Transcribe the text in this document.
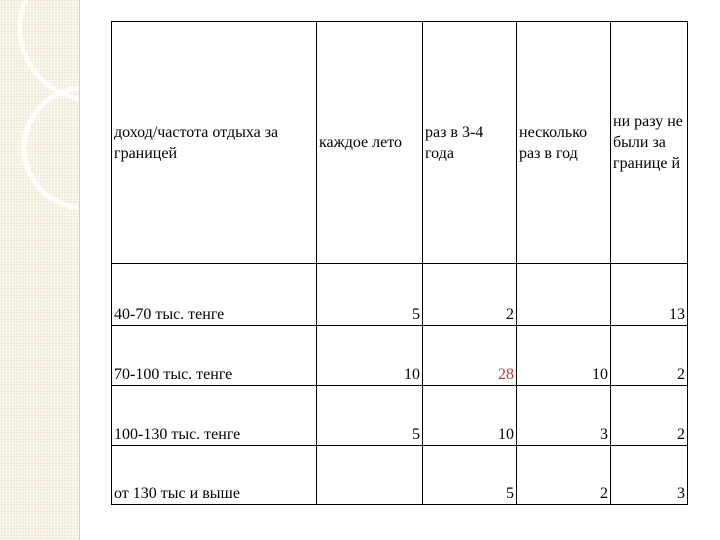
доход/частота отдыха за границей	каждое лето	раз в 3-4 года	несколько раз в год	ни разу не были за границе й
40-70 тыс. тенге	5	2		13
70-100 тыс. тенге	10	28	10	2
100-130 тыс. тенге	5	10	3	2
от 130 тыс и выше		5	2	3
